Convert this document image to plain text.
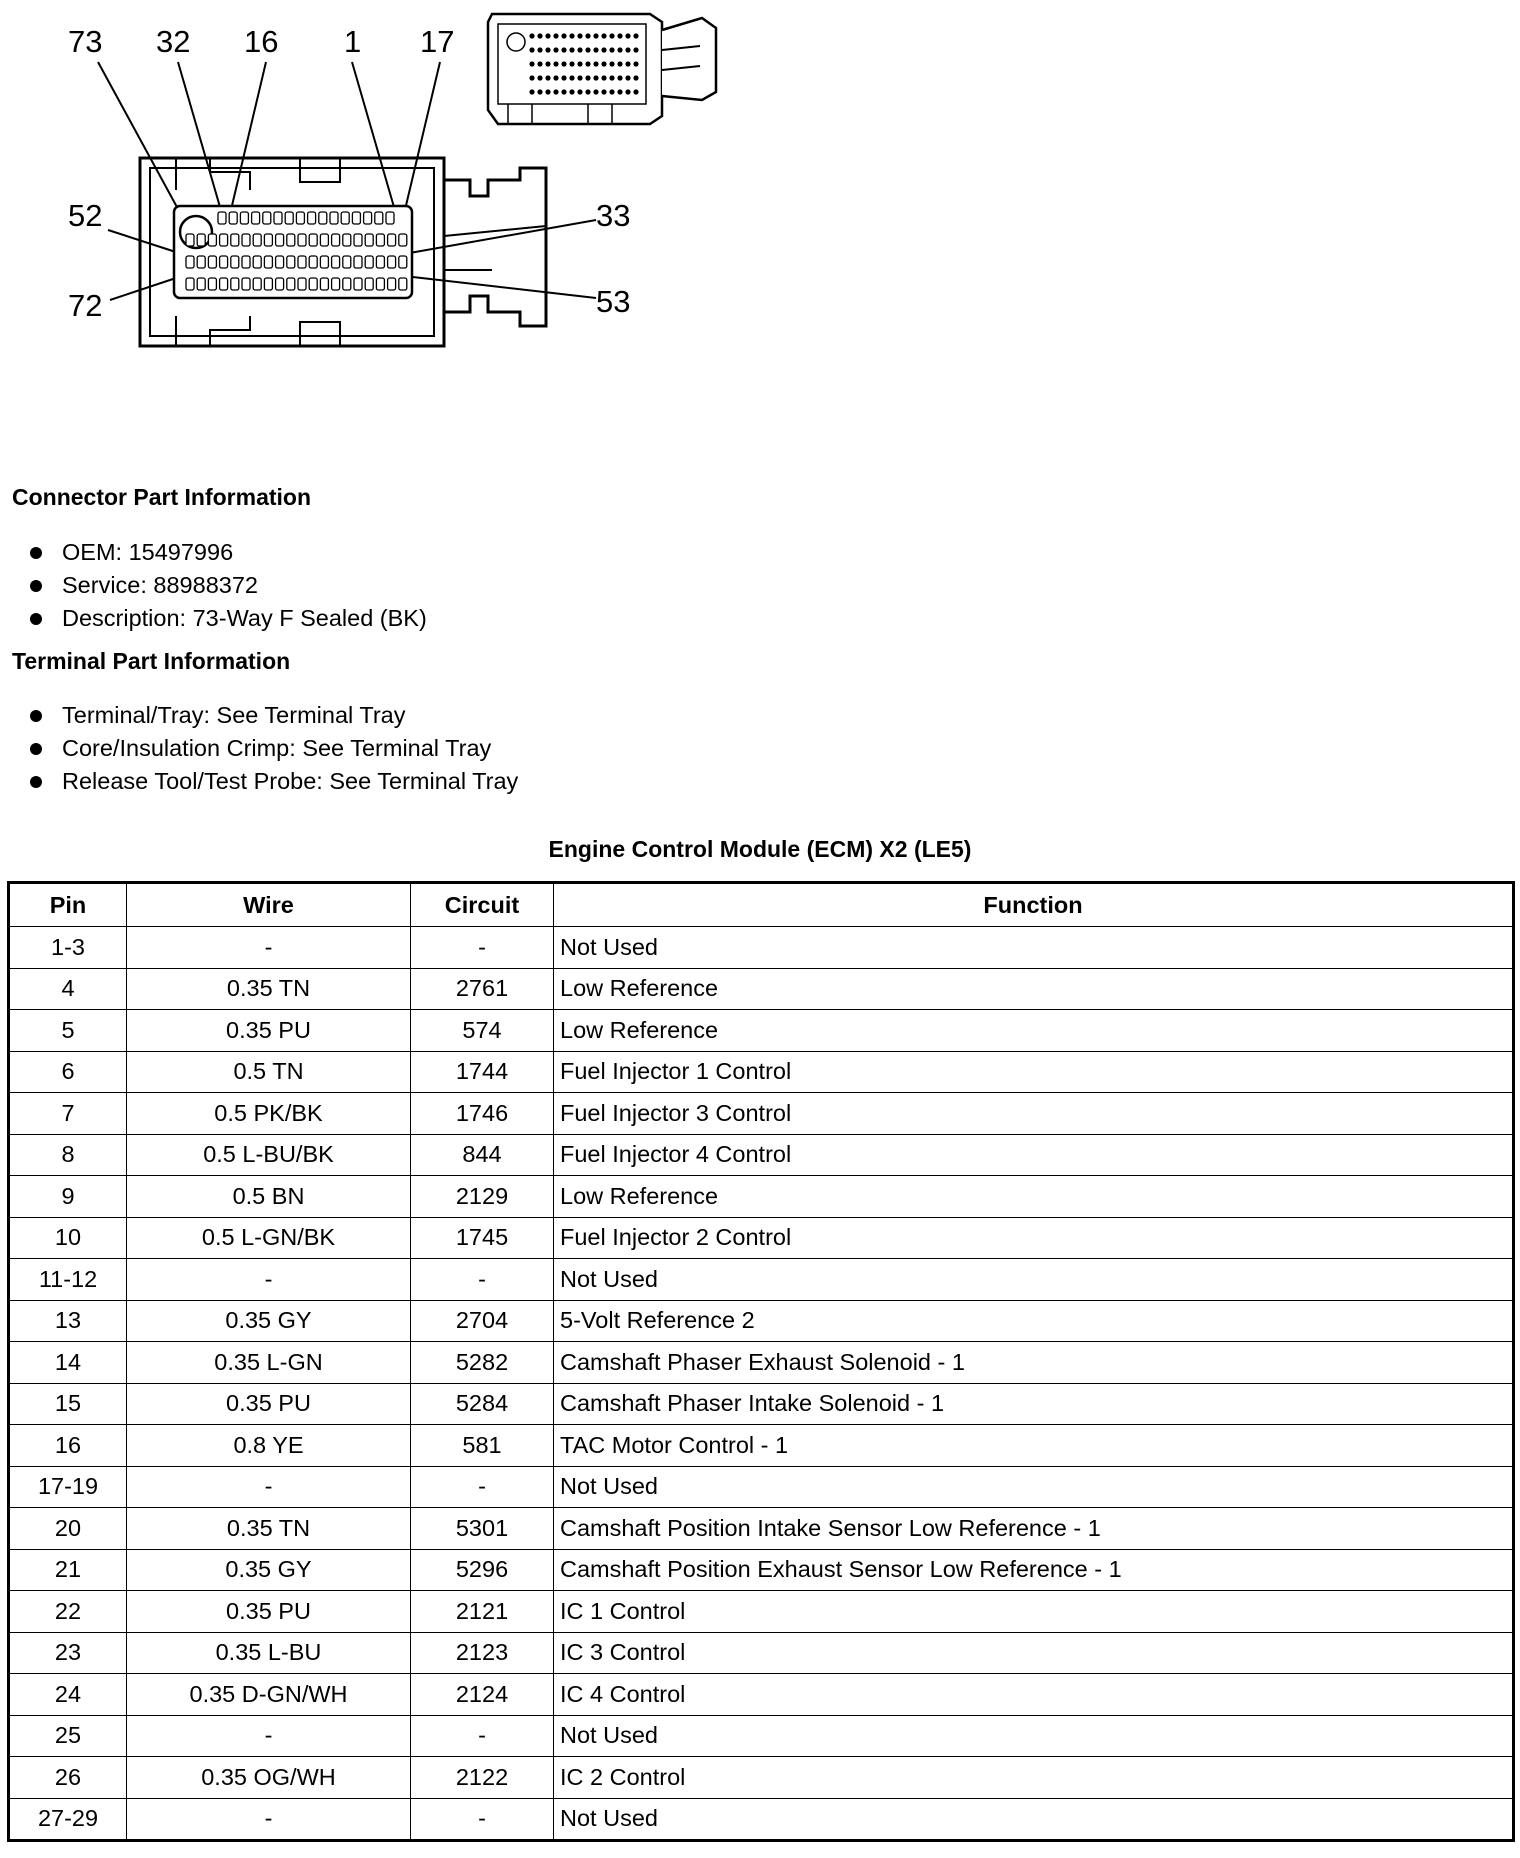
73 32 16 1 17
52
72
33
53
Connector Part Information
OEM: 15497996
Service: 88988372
Description: 73-Way F Sealed (BK)
Terminal Part Information
Terminal/Tray: See Terminal Tray
Core/Insulation Crimp: See Terminal Tray
Release Tool/Test Probe: See Terminal Tray
Engine Control Module (ECM) X2 (LE5)
Pin	Wire	Circuit	Function
1-3	-	-	Not Used
4	0.35 TN	2761	Low Reference
5	0.35 PU	574	Low Reference
6	0.5 TN	1744	Fuel Injector 1 Control
7	0.5 PK/BK	1746	Fuel Injector 3 Control
8	0.5 L-BU/BK	844	Fuel Injector 4 Control
9	0.5 BN	2129	Low Reference
10	0.5 L-GN/BK	1745	Fuel Injector 2 Control
11-12	-	-	Not Used
13	0.35 GY	2704	5-Volt Reference 2
14	0.35 L-GN	5282	Camshaft Phaser Exhaust Solenoid - 1
15	0.35 PU	5284	Camshaft Phaser Intake Solenoid - 1
16	0.8 YE	581	TAC Motor Control - 1
17-19	-	-	Not Used
20	0.35 TN	5301	Camshaft Position Intake Sensor Low Reference - 1
21	0.35 GY	5296	Camshaft Position Exhaust Sensor Low Reference - 1
22	0.35 PU	2121	IC 1 Control
23	0.35 L-BU	2123	IC 3 Control
24	0.35 D-GN/WH	2124	IC 4 Control
25	-	-	Not Used
26	0.35 OG/WH	2122	IC 2 Control
27-29	-	-	Not Used
